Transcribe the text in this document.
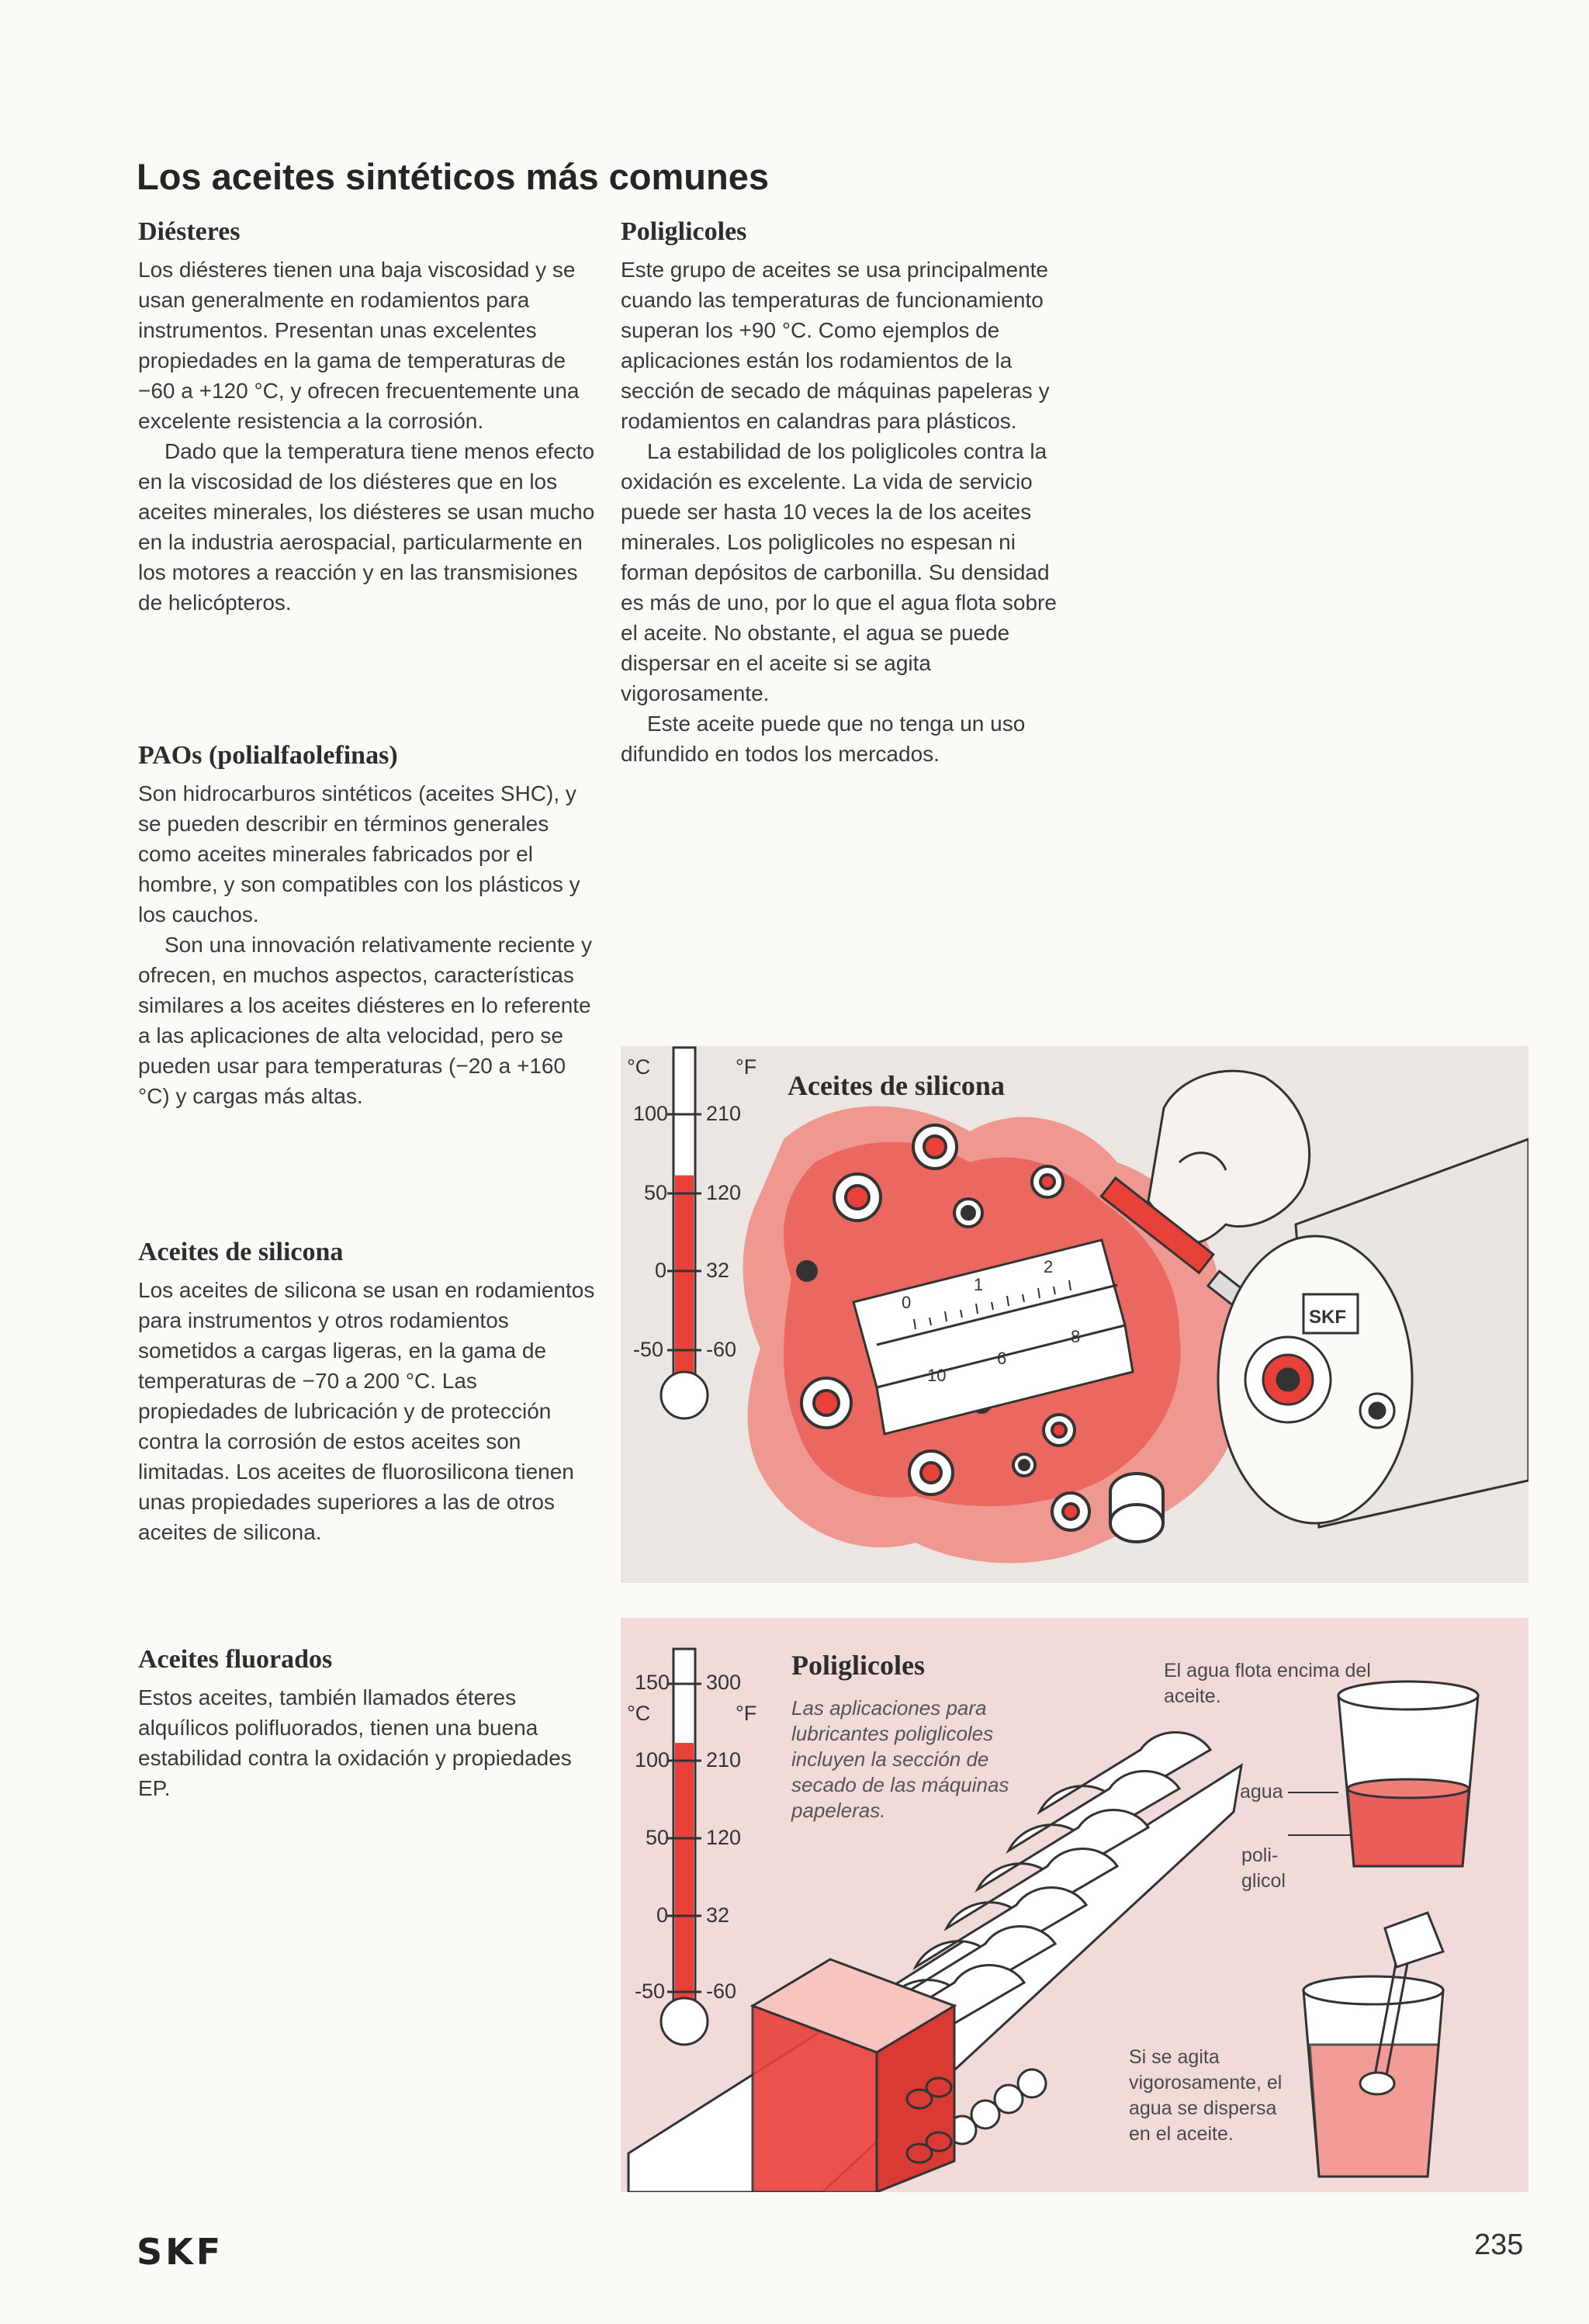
Los aceites sintéticos más comunes
Diésteres

Los diésteres tienen una baja viscosidad y se usan generalmente en rodamientos para instrumentos. Presentan unas excelentes propiedades en la gama de temperaturas de −60 a +120 °C, y ofrecen frecuentemente una excelente resistencia a la corrosión.

Dado que la temperatura tiene menos efecto en la viscosidad de los diésteres que en los aceites minerales, los diésteres se usan mucho en la industria aerospacial, particularmente en los motores a reacción y en las transmisiones de helicópteros.

PAOs (polialfaolefinas)

Son hidrocarburos sintéticos (aceites SHC), y se pueden describir en términos generales como aceites minerales fabricados por el hombre, y son compatibles con los plásticos y los cauchos.

Son una innovación relativamente reciente y ofrecen, en muchos aspectos, características similares a los aceites diésteres en lo referente a las aplicaciones de alta velocidad, pero se pueden usar para temperaturas (−20 a +160 °C) y cargas más altas.

Aceites de silicona

Los aceites de silicona se usan en rodamientos para instrumentos y otros rodamientos sometidos a cargas ligeras, en la gama de temperaturas de −70 a 200 °C. Las propiedades de lubricación y de protección contra la corrosión de estos aceites son limitadas. Los aceites de fluorosilicona tienen unas propiedades superiores a las de otros aceites de silicona.

Aceites fluorados

Estos aceites, también llamados éteres alquílicos polifluorados, tienen una buena estabilidad contra la oxidación y propiedades EP.

Poliglicoles

Este grupo de aceites se usa principalmente cuando las temperaturas de funcionamiento superan los +90 °C. Como ejemplos de aplicaciones están los rodamientos de la sección de secado de máquinas papeleras y rodamientos en calandras para plásticos.

La estabilidad de los poliglicoles contra la oxidación es excelente. La vida de servicio puede ser hasta 10 veces la de los aceites minerales. Los poliglicoles no espesan ni forman depósitos de carbonilla. Su densidad es más de uno, por lo que el agua flota sobre el aceite. No obstante, el agua se puede dispersar en el aceite si se agita vigorosamente.

Este aceite puede que no tenga un uso difundido en todos los mercados.

0
1
2
6
8
10
SKF
°C	°F
100
50
0
-50
210
120
32
-60
Aceites de silicona
150 300
°C	°F
100
50
0
-50
210
120
32
-60
Poliglicoles
Las aplicaciones para lubricantes poliglicoles incluyen la sección de secado de las máquinas papeleras.
El agua flota encima del aceite.
agua
poli-
glicol
Si se agita vigorosamente, el agua se dispersa en el aceite.
SKF	235
